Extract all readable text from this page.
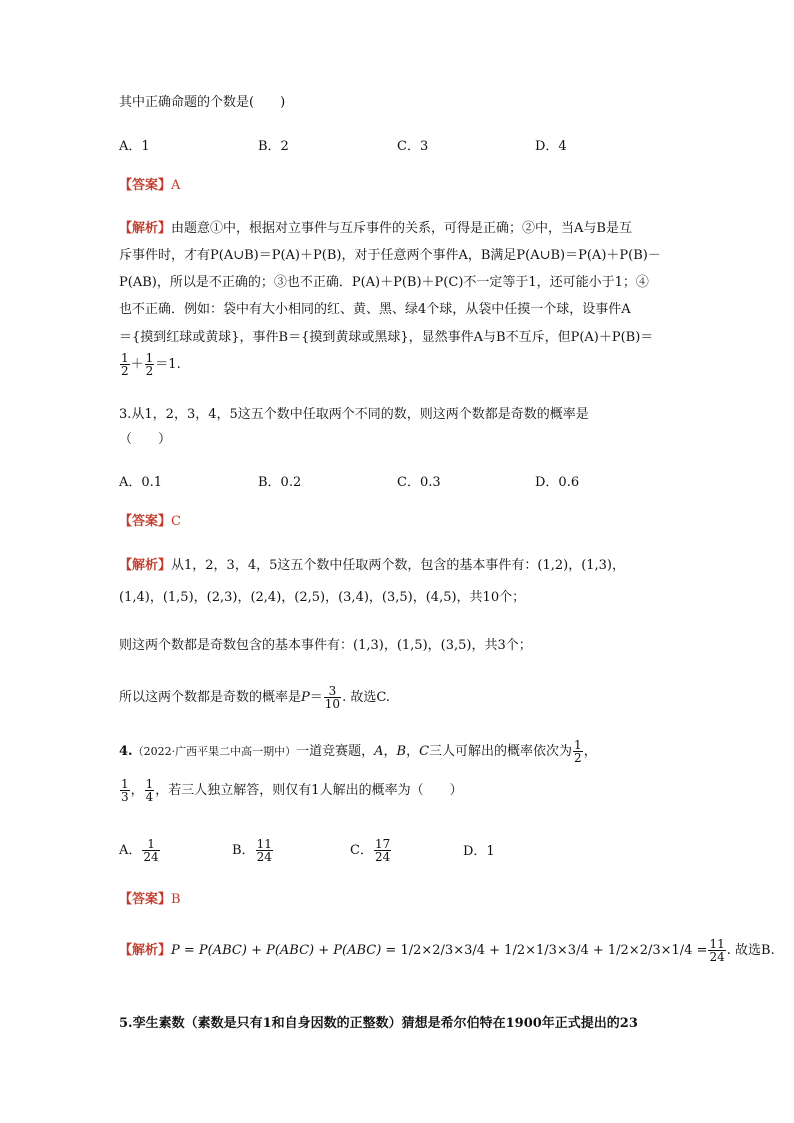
其中正确命题的个数是(　　)
A．1	B．2	C．3	D．4
【答案】A
【解析】由题意①中，根据对立事件与互斥事件的关系，可得是正确；②中，当A与B是互
斥事件时，才有P(A∪B)＝P(A)＋P(B)，对于任意两个事件A，B满足P(A∪B)＝P(A)＋P(B)－
P(AB)，所以是不正确的；③也不正确．P(A)＋P(B)＋P(C)不一定等于1，还可能小于1；④
也不正确．例如：袋中有大小相同的红、黄、黑、绿4个球，从袋中任摸一个球，设事件A
＝{摸到红球或黄球}，事件B＝{摸到黄球或黑球}，显然事件A与B不互斥，但P(A)＋P(B)＝
$\frac{1}{2} + \frac{1}{2} =1$.
3.从1，2，3，4，5这五个数中任取两个不同的数，则这两个数都是奇数的概率是
（　　）
A．0.1	B．0.2	C．0.3	D．0.6
【答案】C
【解析】从1，2，3，4，5这五个数中任取两个数，包含的基本事件有：(1,2)，(1,3)，
(1,4)，(1,5)，(2,3)，(2,4)，(2,5)，(3,4)，(3,5)，(4,5)，共10个；
则这两个数都是奇数包含的基本事件有：(1,3)，(1,5)，(3,5)，共3个；
所以这两个数都是奇数的概率是$P= \frac{3}{10}$ . 故选C.
4.（2022·广西平果二中高一期中）一道竞赛题，A，B，C三人可解出的概率依次为 $\frac{1}{2}$ ，
$\frac{1}{3}$ ， $\frac{1}{4}$ ，若三人独立解答，则仅有1人解出的概率为（　　）
A． $\frac{1}{24}$	B． $\frac{11}{24}$	C． $\frac{17}{24}$	D．1
【答案】B
【解析】$P = P(ABC) + P(ABC) + P(ABC) = 1/2\times 2/3\times 3/4 + 1/2\times 1/3\times 3/4 + 1/2\times 2/3\times 1/4 = \frac{11}{24}$ . 故选B.
5.孪生素数（素数是只有1和自身因数的正整数）猜想是希尔伯特在1900年正式提出的23
